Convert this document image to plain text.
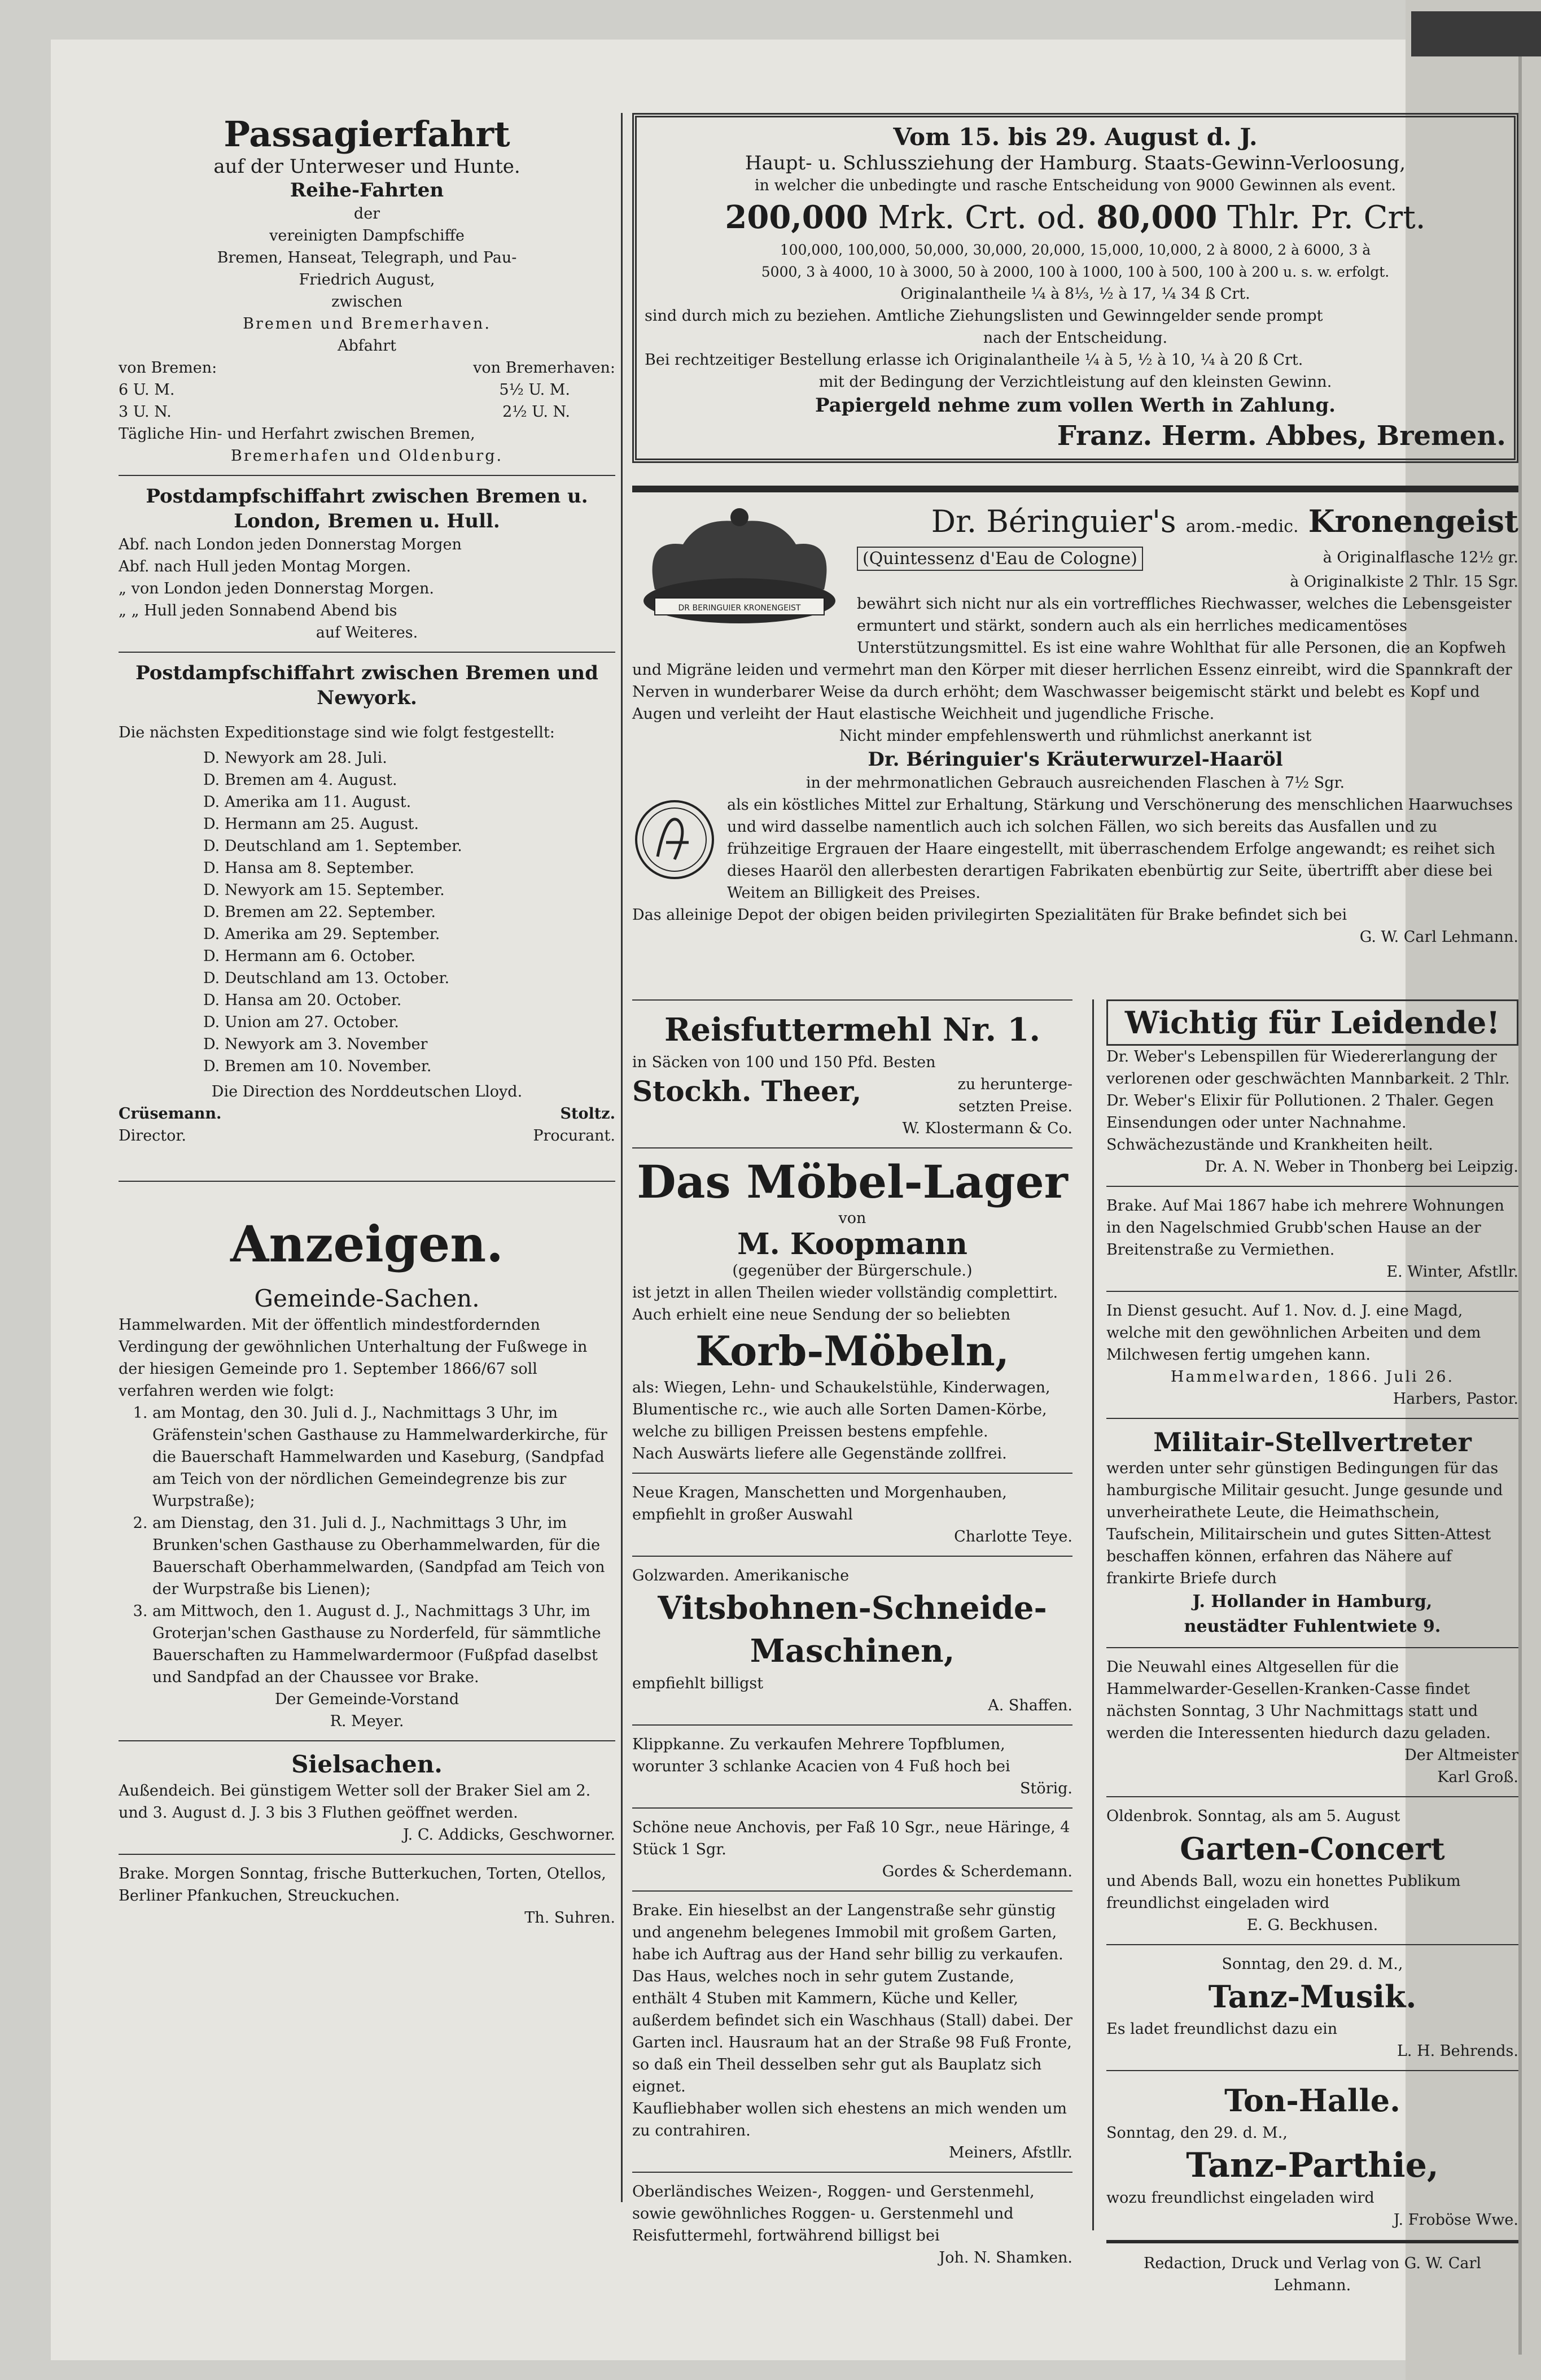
Passagierfahrt

auf der Unterweser und Hunte.

Reihe-Fahrten

der

vereinigten Dampfschiffe

Bremen, Hanseat, Telegraph, und Pau-

Friedrich August,

zwischen

Bremen und Bremerhaven.

Abfahrt

von Bremen:	von Bremerhaven:
6 U. M.	5½ U. M.
3 U. N.	2½ U. N.

Tägliche Hin- und Herfahrt zwischen Bremen,

Bremerhafen und Oldenburg.

Postdampfschiffahrt zwischen Bremen u. London, Bremen u. Hull.

Abf. nach London jeden Donnerstag Morgen

Abf. nach Hull jeden Montag Morgen.

„ von London jeden Donnerstag Morgen.

„ „ Hull jeden Sonnabend Abend bis

auf Weiteres.

Postdampfschiffahrt zwischen Bremen und Newyork.

Die nächsten Expeditionstage sind wie folgt festgestellt:

D. Newyork am 28. Juli.
D. Bremen am 4. August.
D. Amerika am 11. August.
D. Hermann am 25. August.
D. Deutschland am 1. September.
D. Hansa am 8. September.
D. Newyork am 15. September.
D. Bremen am 22. September.
D. Amerika am 29. September.
D. Hermann am 6. October.
D. Deutschland am 13. October.
D. Hansa am 20. October.
D. Union am 27. October.
D. Newyork am 3. November
D. Bremen am 10. November.

Die Direction des Norddeutschen Lloyd.

Crüsemann.	Stoltz.
Director.	Procurant.

Anzeigen.

Gemeinde-Sachen.

Hammelwarden. Mit der öffentlich mindestfordernden Verdingung der gewöhnlichen Unterhaltung der Fußwege in der hiesigen Gemeinde pro 1. September 1866/67 soll verfahren werden wie folgt:

1. am Montag, den 30. Juli d. J., Nachmittags 3 Uhr, im Gräfenstein'schen Gasthause zu Hammelwarderkirche, für die Bauerschaft Hammelwarden und Kaseburg, (Sandpfad am Teich von der nördlichen Gemeindegrenze bis zur Wurpstraße);
2. am Dienstag, den 31. Juli d. J., Nachmittags 3 Uhr, im Brunken'schen Gasthause zu Oberhammelwarden, für die Bauerschaft Oberhammelwarden, (Sandpfad am Teich von der Wurpstraße bis Lienen);
3. am Mittwoch, den 1. August d. J., Nachmittags 3 Uhr, im Groterjan'schen Gasthause zu Norderfeld, für sämmtliche Bauerschaften zu Hammelwardermoor (Fußpfad daselbst und Sandpfad an der Chaussee vor Brake.

Der Gemeinde-Vorstand

R. Meyer.

Sielsachen.

Außendeich. Bei günstigem Wetter soll der Braker Siel am 2. und 3. August d. J. 3 bis 3 Fluthen geöffnet werden.

J. C. Addicks, Geschworner.

Brake. Morgen Sonntag, frische Butterkuchen, Torten, Otellos, Berliner Pfankuchen, Streuckuchen.

Th. Suhren.

Vom 15. bis 29. August d. J.

Haupt- u. Schlussziehung der Hamburg. Staats-Gewinn-Verloosung,

in welcher die unbedingte und rasche Entscheidung von 9000 Gewinnen als event.

200,000 Mrk. Crt. od. 80,000 Thlr. Pr. Crt.

100,000, 100,000, 50,000, 30,000, 20,000, 15,000, 10,000, 2 à 8000, 2 à 6000, 3 à

5000, 3 à 4000, 10 à 3000, 50 à 2000, 100 à 1000, 100 à 500, 100 à 200 u. s. w. erfolgt.

Originalantheile ¼ à 8⅓, ½ à 17, ¼ 34 ß Crt.

sind durch mich zu beziehen. Amtliche Ziehungslisten und Gewinngelder sende prompt

nach der Entscheidung.

Bei rechtzeitiger Bestellung erlasse ich Originalantheile ¼ à 5, ½ à 10, ¼ à 20 ß Crt.

mit der Bedingung der Verzichtleistung auf den kleinsten Gewinn.

Papiergeld nehme zum vollen Werth in Zahlung.

Franz. Herm. Abbes, Bremen.

DR BERINGUIER KRONENGEIST

Dr. Béringuier's arom.-medic. Kronengeist

(Quintessenz d'Eau de Cologne)	à Originalflasche 12½ gr.

à Originalkiste 2 Thlr. 15 Sgr.

bewährt sich nicht nur als ein vortreffliches Riechwasser, welches die Lebensgeister ermuntert und stärkt, sondern auch als ein herrliches medicamentöses Unterstützungsmittel. Es ist eine wahre Wohlthat für alle Personen, die an Kopfweh und Migräne leiden und vermehrt man den Körper mit dieser herrlichen Essenz einreibt, wird die Spannkraft der Nerven in wunderbarer Weise da durch erhöht; dem Waschwasser beigemischt stärkt und belebt es Kopf und Augen und verleiht der Haut elastische Weichheit und jugendliche Frische.

Nicht minder empfehlenswerth und rühmlichst anerkannt ist

Dr. Béringuier's Kräuterwurzel-Haaröl

in der mehrmonatlichen Gebrauch ausreichenden Flaschen à 7½ Sgr.

als ein köstliches Mittel zur Erhaltung, Stärkung und Verschönerung des menschlichen Haarwuchses und wird dasselbe namentlich auch ich solchen Fällen, wo sich bereits das Ausfallen und zu frühzeitige Ergrauen der Haare eingestellt, mit überraschendem Erfolge angewandt; es reihet sich dieses Haaröl den allerbesten derartigen Fabrikaten ebenbürtig zur Seite, übertrifft aber diese bei Weitem an Billigkeit des Preises.

Das alleinige Depot der obigen beiden privilegirten Spezialitäten für Brake befindet sich bei

G. W. Carl Lehmann.

Reisfuttermehl Nr. 1.

in Säcken von 100 und 150 Pfd. Besten

Stockh. Theer,	zu herunterge-
setzten Preise.

W. Klostermann & Co.

Das Möbel-Lager

von

M. Koopmann

(gegenüber der Bürgerschule.)

ist jetzt in allen Theilen wieder vollständig complettirt. Auch erhielt eine neue Sendung der so beliebten

Korb-Möbeln,

als: Wiegen, Lehn- und Schaukelstühle, Kinderwagen, Blumentische rc., wie auch alle Sorten Damen-Körbe, welche zu billigen Preissen bestens empfehle.

Nach Auswärts liefere alle Gegenstände zollfrei.

Neue Kragen, Manschetten und Morgenhauben, empfiehlt in großer Auswahl

Charlotte Teye.

Golzwarden. Amerikanische

Vitsbohnen-Schneide-Maschinen,

empfiehlt billigst

A. Shaffen.

Klippkanne. Zu verkaufen Mehrere Topfblumen, worunter 3 schlanke Acacien von 4 Fuß hoch bei

Störig.

Schöne neue Anchovis, per Faß 10 Sgr., neue Häringe, 4 Stück 1 Sgr.

Gordes & Scherdemann.

Brake. Ein hieselbst an der Langenstraße sehr günstig und angenehm belegenes Immobil mit großem Garten, habe ich Auftrag aus der Hand sehr billig zu verkaufen. Das Haus, welches noch in sehr gutem Zustande, enthält 4 Stuben mit Kammern, Küche und Keller, außerdem befindet sich ein Waschhaus (Stall) dabei. Der Garten incl. Hausraum hat an der Straße 98 Fuß Fronte, so daß ein Theil desselben sehr gut als Bauplatz sich eignet.

Kaufliebhaber wollen sich ehestens an mich wenden um zu contrahiren.

Meiners, Afstllr.

Oberländisches Weizen-, Roggen- und Gerstenmehl, sowie gewöhnliches Roggen- u. Gerstenmehl und Reisfuttermehl, fortwährend billigst bei

Joh. N. Shamken.

Wichtig für Leidende!

Dr. Weber's Lebenspillen für Wiedererlangung der verlorenen oder geschwächten Mannbarkeit. 2 Thlr. Dr. Weber's Elixir für Pollutionen. 2 Thaler. Gegen Einsendungen oder unter Nachnahme. Schwächezustände und Krankheiten heilt.

Dr. A. N. Weber in Thonberg bei Leipzig.

Brake. Auf Mai 1867 habe ich mehrere Wohnungen in den Nagelschmied Grubb'schen Hause an der Breitenstraße zu Vermiethen.

E. Winter, Afstllr.

In Dienst gesucht. Auf 1. Nov. d. J. eine Magd, welche mit den gewöhnlichen Arbeiten und dem Milchwesen fertig umgehen kann.

Hammelwarden, 1866. Juli 26.

Harbers, Pastor.

Militair-Stellvertreter

werden unter sehr günstigen Bedingungen für das hamburgische Militair gesucht. Junge gesunde und unverheirathete Leute, die Heimathschein, Taufschein, Militairschein und gutes Sitten-Attest beschaffen können, erfahren das Nähere auf frankirte Briefe durch

J. Hollander in Hamburg,

neustädter Fuhlentwiete 9.

Die Neuwahl eines Altgesellen für die Hammelwarder-Gesellen-Kranken-Casse findet nächsten Sonntag, 3 Uhr Nachmittags statt und werden die Interessenten hiedurch dazu geladen.

Der Altmeister

Karl Groß.

Oldenbrok. Sonntag, als am 5. August

Garten-Concert

und Abends Ball, wozu ein honettes Publikum freundlichst eingeladen wird

E. G. Beckhusen.

Sonntag, den 29. d. M.,

Tanz-Musik.

Es ladet freundlichst dazu ein

L. H. Behrends.

Ton-Halle.

Sonntag, den 29. d. M.,

Tanz-Parthie,

wozu freundlichst eingeladen wird

J. Froböse Wwe.

Redaction, Druck und Verlag von G. W. Carl Lehmann.
